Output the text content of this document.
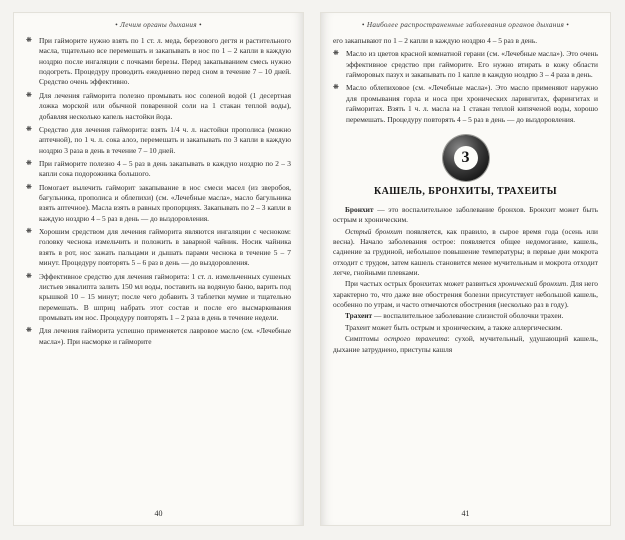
• Лечим органы дыхания •
❋ При гайморите нужно взять по 1 ст. л. меда, березового дегтя и растительного масла, тщательно все перемешать и закапывать в нос по 1 – 2 капли в каждую ноздрю после ингаляции с почками березы. Перед закапыванием смесь нужно подогреть. Процедуру проводить ежедневно перед сном в течение 7 – 10 дней. Средство очень эффективно.
❋ Для лечения гайморита полезно промывать нос соленой водой (1 десертная ложка морской или обычной поваренной соли на 1 стакан теплой воды), добавляя несколько капель настойки йода.
❋ Средство для лечения гайморита: взять 1/4 ч. л. настойки прополиса (можно аптечной), по 1 ч. л. сока алоэ, перемешать и закапывать по 3 капли в каждую ноздрю 3 раза в день в течение 7 – 10 дней.
❋ При гайморите полезно 4 – 5 раз в день закапывать в каждую ноздрю по 2 – 3 капли сока подорожника большого.
❋ Помогает вылечить гайморит закапывание в нос смеси масел (из зверобоя, багульника, прополиса и облепихи) (см. «Лечебные масла», масло багульника взять аптечное). Масла взять в равных пропорциях. Закапывать по 2 – 3 капли в каждую ноздрю 4 – 5 раз в день — до выздоровления.
❋ Хорошим средством для лечения гайморита являются ингаляции с чесноком: головку чеснока измельчить и положить в заварной чайник. Носик чайника взять в рот, нос зажать пальцами и дышать парами чеснока в течение 5 – 7 минут. Процедуру повторять 5 – 6 раз в день — до выздоровления.
❋ Эффективное средство для лечения гайморита: 1 ст. л. измельченных сушеных листьев эвкалипта залить 150 мл воды, поставить на водяную баню, варить под крышкой 10 – 15 минут; после чего добавить 3 таблетки мумие и тщательно перемешать. В шприц набрать этот состав и после его высмаркивания промывать им нос. Процедуру повторять 1 – 2 раза в день в течение недели.
❋ Для лечения гайморита успешно применяется лавровое масло (см. «Лечебные масла»). При насморке и гайморите
40
• Наиболее распространенные заболевания органов дыхания •

его закапывают по 1 – 2 капли в каждую ноздрю 4 – 5 раз в день.

❋ Масло из цветов красной комнатной герани (см. «Лечебные масла»). Это очень эффективное средство при гайморите. Его нужно втирать в кожу области гайморовых пазух и закапывать по 1 капле в каждую ноздрю 3 – 4 раза в день.
❋ Масло облепиховое (см. «Лечебные масла»). Это масло применяют наружно для промывания горла и носа при хронических ларингитах, фарингитах и гайморитах. Взять 1 ч. л. масла на 1 стакан теплой кипяченой воды, хорошо перемешать. Процедуру повторять 4 – 5 раз в день — до выздоровления.
3
КАШЕЛЬ, БРОНХИТЫ, ТРАХЕИТЫ

Бронхит — это воспалительное заболевание бронхов. Бронхит может быть острым и хроническим.

Острый бронхит появляется, как правило, в сырое время года (осень или весна). Начало заболевания острое: появляется общее недомогание, кашель, саднение за грудиной, небольшое повышение температуры; в первые дни мокрота отходит с трудом, затем кашель становится менее мучительным и мокрота отходит легче, гнойными плевками.

При частых острых бронхитах может развиться хронический бронхит. Для него характерно то, что даже вне обострения болезни присутствует небольшой кашель, особенно по утрам, и часто отмечаются обострения (несколько раз в году).

Трахеит — воспалительное заболевание слизистой оболочки трахеи.

Трахеит может быть острым и хроническим, а также аллергическим.

Симптомы острого трахеита: сухой, мучительный, удушающий кашель, дыхание затруднено, приступы кашля

41
